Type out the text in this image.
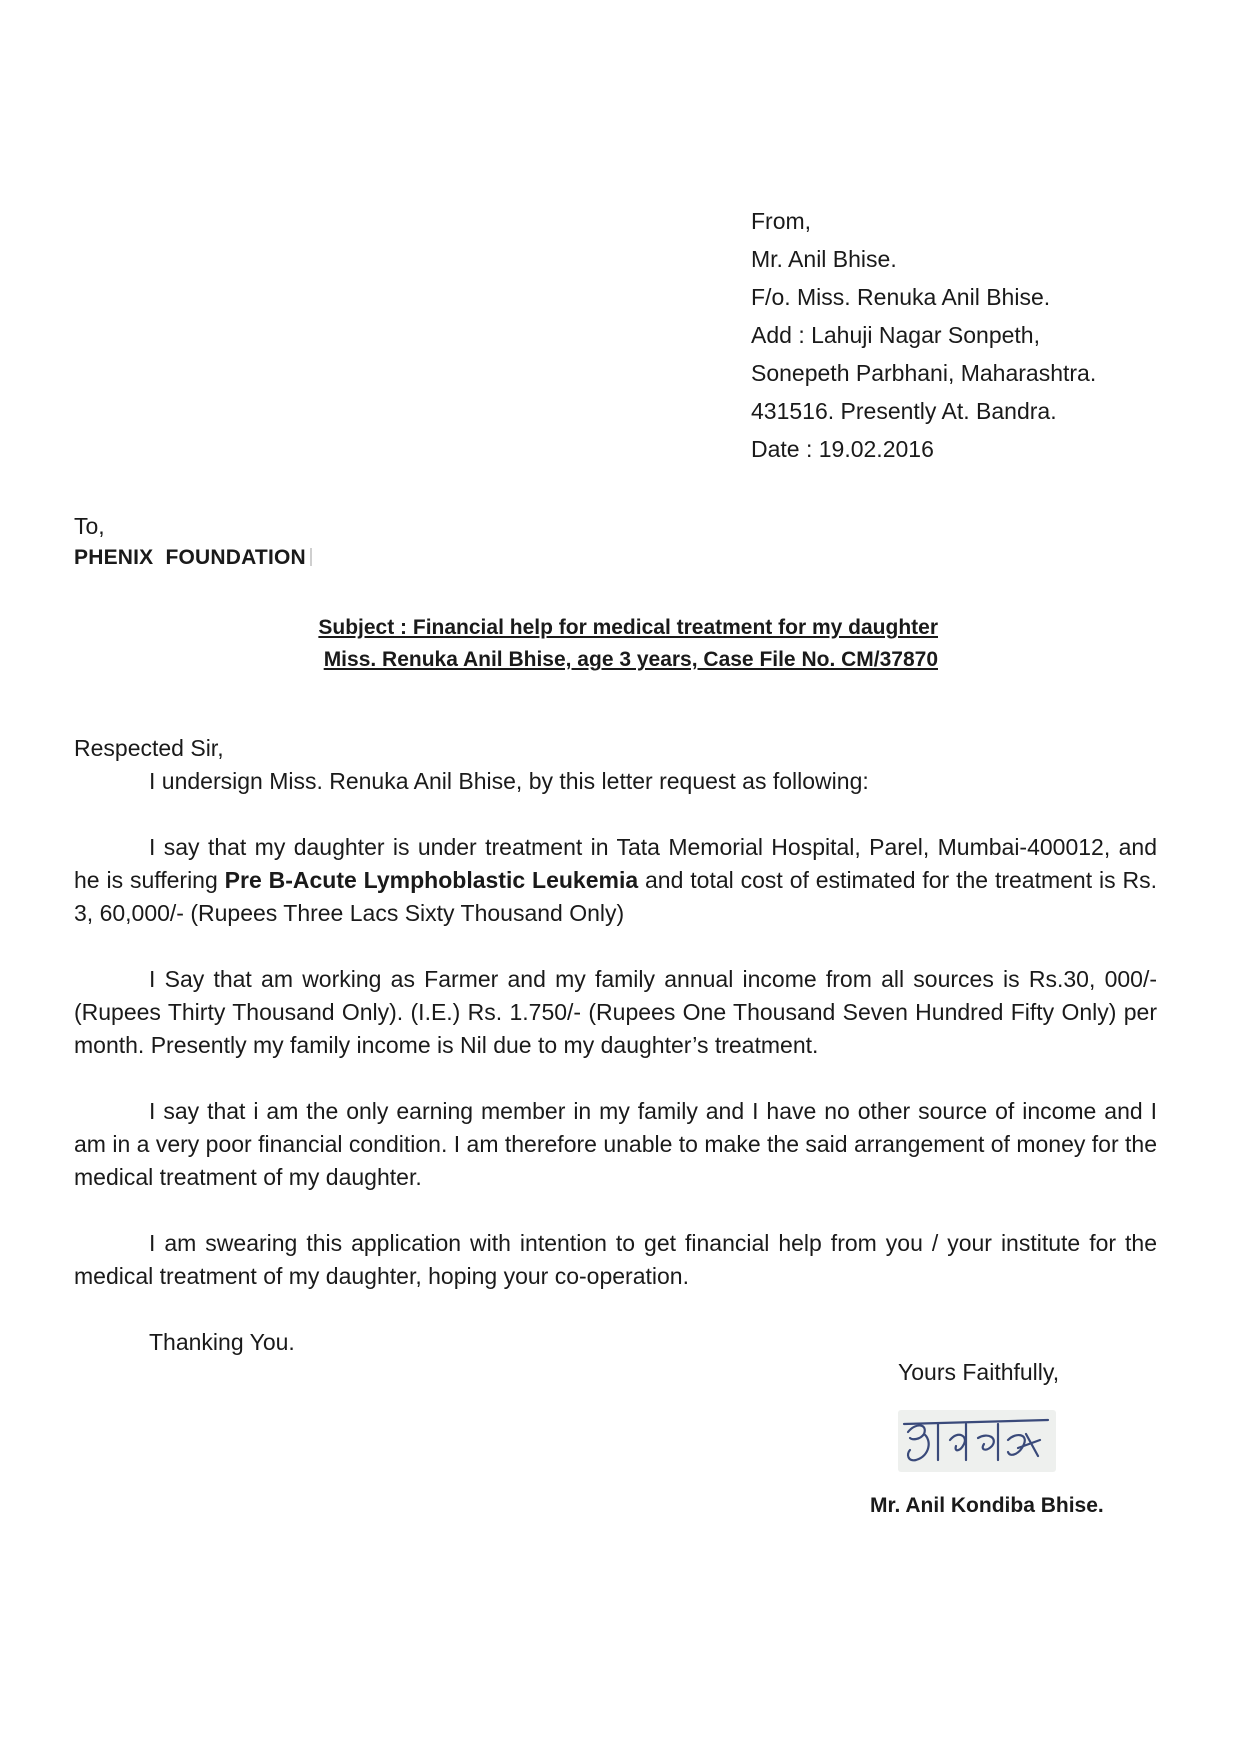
From,
Mr. Anil Bhise.
F/o. Miss. Renuka Anil Bhise.
Add : Lahuji Nagar Sonpeth,
Sonepeth Parbhani, Maharashtra.
431516. Presently At. Bandra.
Date : 19.02.2016
To,
PHENIX  FOUNDATION
Subject : Financial help for medical treatment for my daughter
Miss. Renuka Anil Bhise, age 3 years, Case File No. CM/37870

Respected Sir,

I undersign Miss. Renuka Anil Bhise, by this letter request as following:

I say that my daughter is under treatment in Tata Memorial Hospital, Parel, Mumbai-400012, and he is suffering Pre B-Acute Lymphoblastic Leukemia and total cost of estimated for the treatment is Rs. 3, 60,000/- (Rupees Three Lacs Sixty Thousand Only)

I Say that am working as Farmer and my family annual income from all sources is Rs.30, 000/- (Rupees Thirty Thousand Only). (I.E.) Rs. 1.750/- (Rupees One Thousand Seven Hundred Fifty Only) per month. Presently my family income is Nil due to my daughter’s treatment.

I say that i am the only earning member in my family and I have no other source of income and I am in a very poor financial condition. I am therefore unable to make the said arrangement of money for the medical treatment of my daughter.

I am swearing this application with intention to get financial help from you / your institute for the medical treatment of my daughter, hoping your co-operation.

Thanking You.

Yours Faithfully,
Mr. Anil Kondiba Bhise.
